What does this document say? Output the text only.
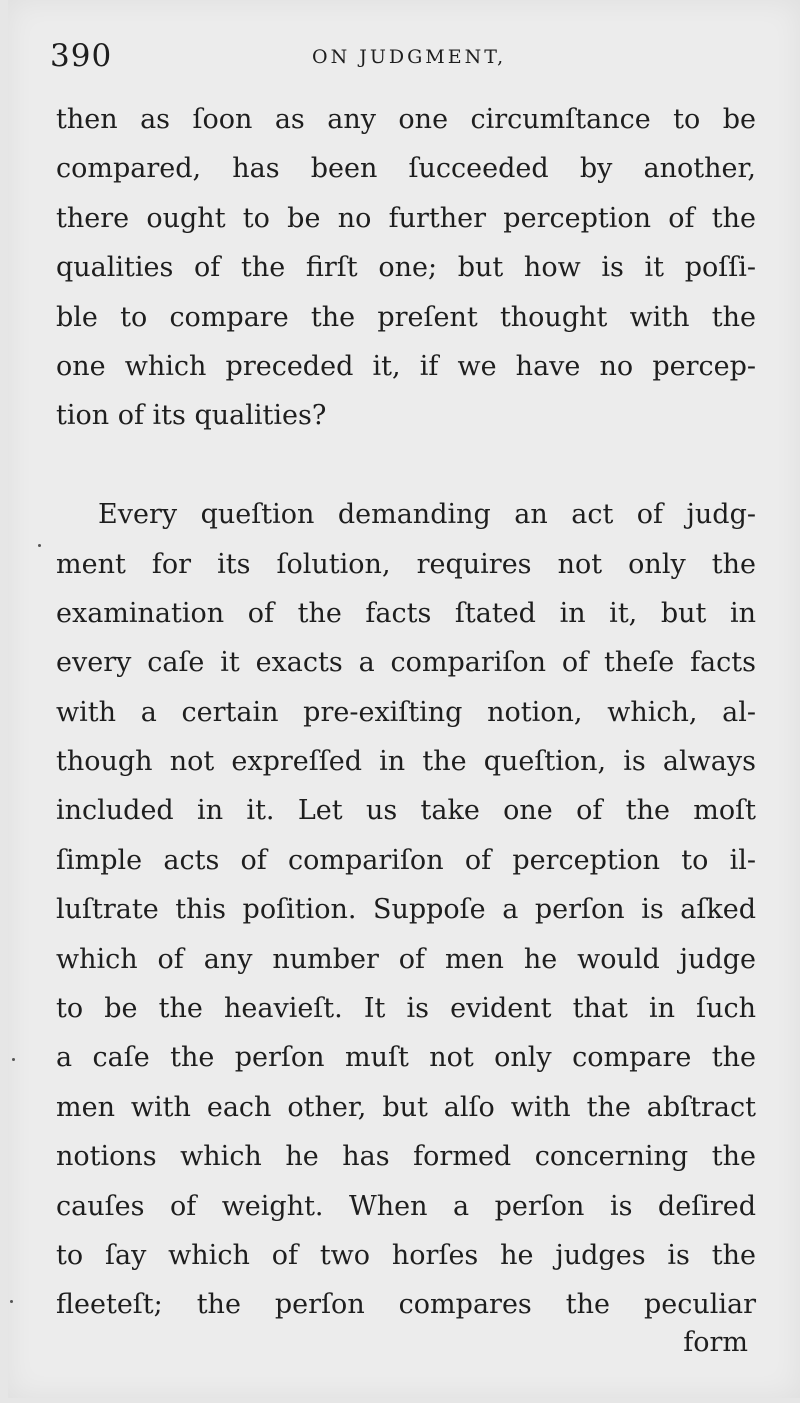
390	ON JUDGMENT,
then as ſoon as any one circumſtance to be
compared, has been ſucceeded by another,
there ought to be no further perception of the
qualities of the firſt one; but how is it poſſi-
ble to compare the preſent thought with the
one which preceded it, if we have no percep-
tion of its qualities?
Every queſtion demanding an act of judg-
ment for its ſolution, requires not only the
examination of the facts ſtated in it, but in
every caſe it exacts a compariſon of theſe facts
with a certain pre-exiſting notion, which, al-
though not expreſſed in the queſtion, is always
included in it. Let us take one of the moſt
ſimple acts of compariſon of perception to il-
luſtrate this poſition. Suppoſe a perſon is aſked
which of any number of men he would judge
to be the heavieſt. It is evident that in ſuch
a caſe the perſon muſt not only compare the
men with each other, but alſo with the abſtract
notions which he has formed concerning the
cauſes of weight. When a perſon is deſired
to ſay which of two horſes he judges is the
fleeteſt; the perſon compares the peculiar
form
